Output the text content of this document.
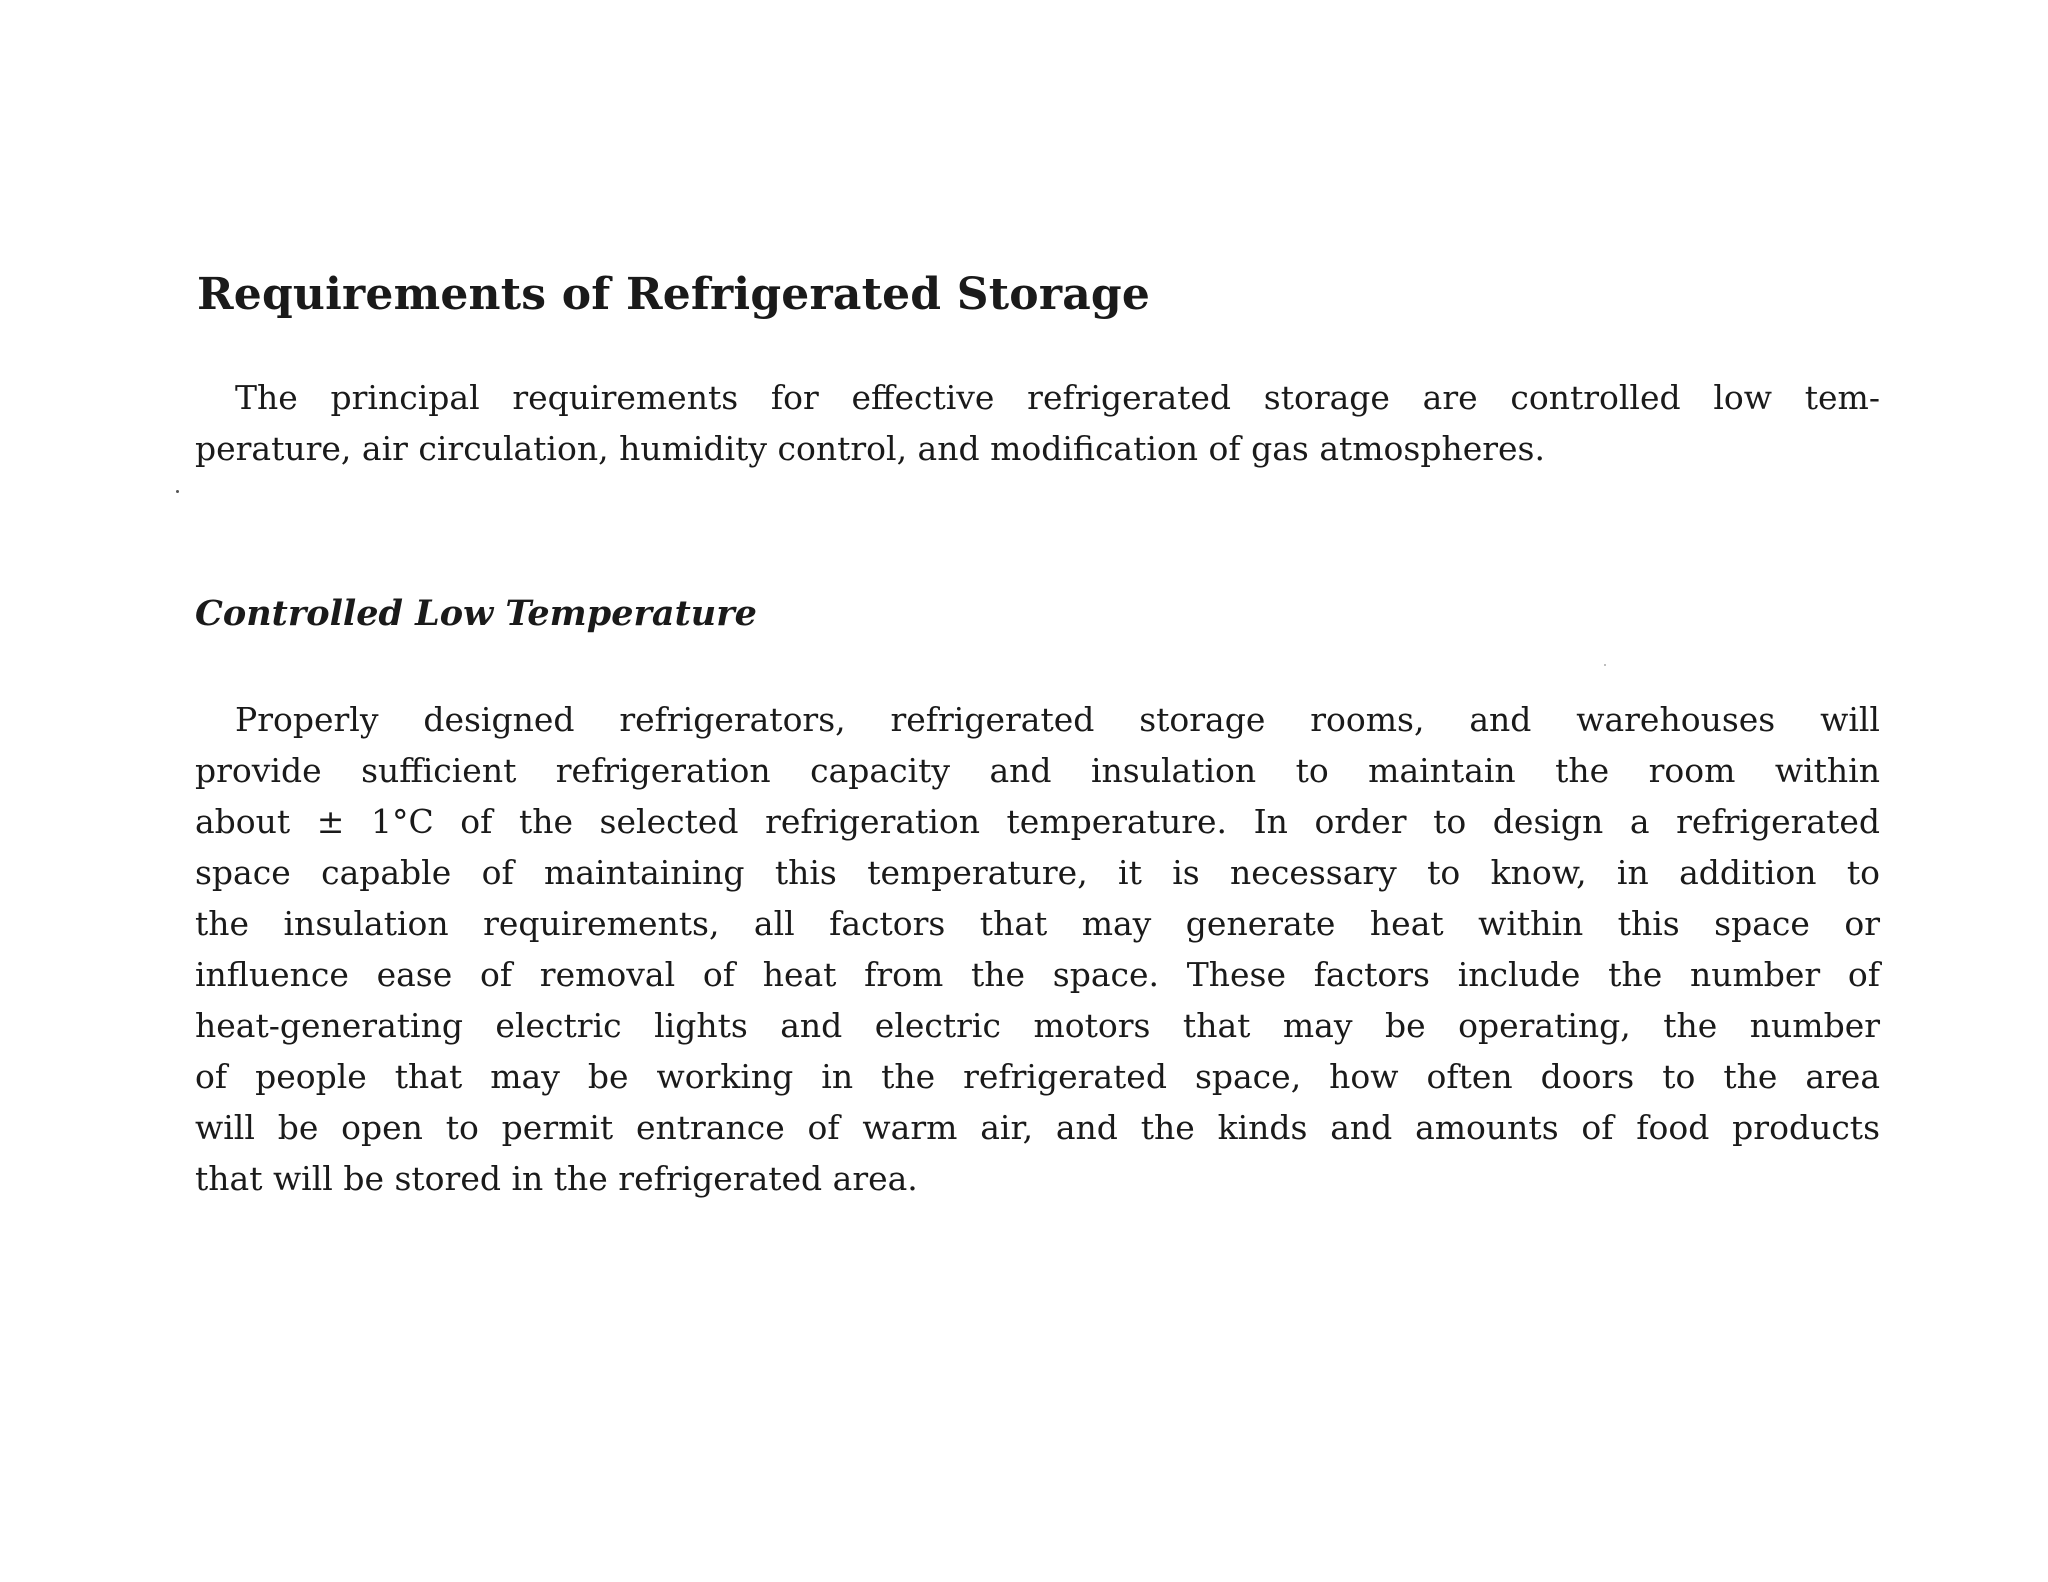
Requirements of Refrigerated Storage
The principal requirements for effective refrigerated storage are controlled low tem-
perature, air circulation, humidity control, and modification of gas atmospheres.
Controlled Low Temperature
Properly designed refrigerators, refrigerated storage rooms, and warehouses will
provide sufficient refrigeration capacity and insulation to maintain the room within
about ± 1°C of the selected refrigeration temperature. In order to design a refrigerated
space capable of maintaining this temperature, it is necessary to know, in addition to
the insulation requirements, all factors that may generate heat within this space or
influence ease of removal of heat from the space. These factors include the number of
heat-generating electric lights and electric motors that may be operating, the number
of people that may be working in the refrigerated space, how often doors to the area
will be open to permit entrance of warm air, and the kinds and amounts of food products
that will be stored in the refrigerated area.
